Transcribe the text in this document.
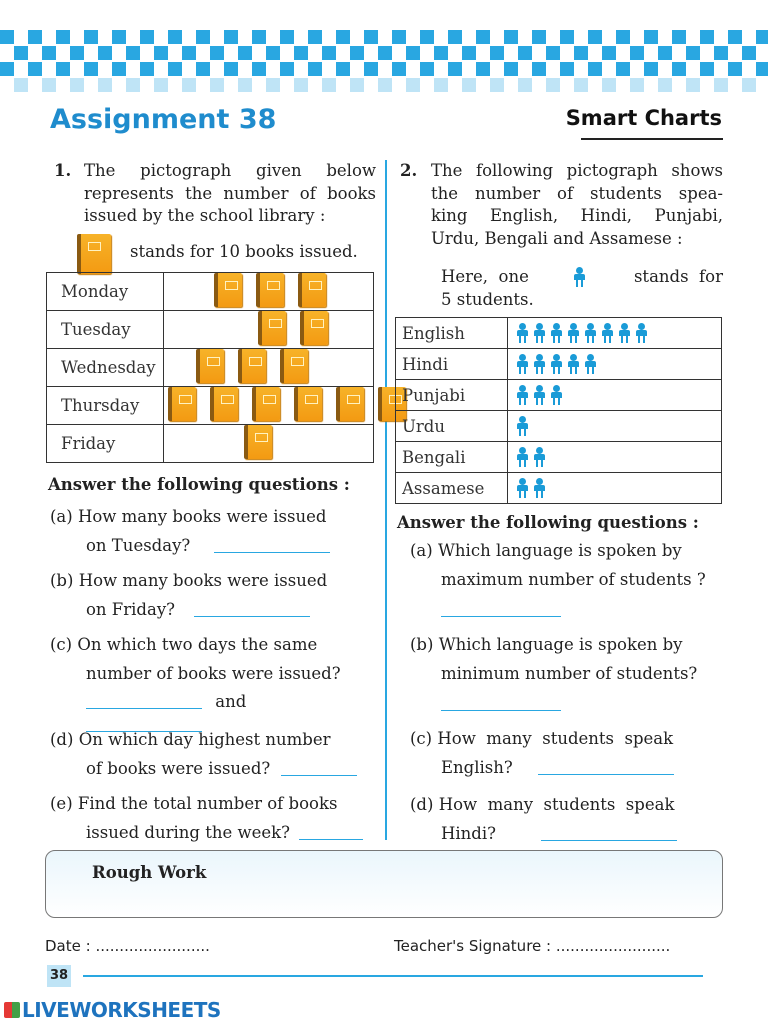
Assignment 38	Smart Charts
1. The pictograph given below
represents the number of books
issued by the school library :
stands for 10 books issued.
Monday	
Tuesday	
Wednesday	
Thursday	
Friday	
Answer the following questions :
(a) How many books were issued
on Tuesday?
(b) How many books were issued
on Friday?
(c) On which two days the same
number of books were issued?
and
(d) On which day highest number
of books were issued?
(e) Find the total number of books
issued during the week?
2. The following pictograph shows
the number of students spea-
king English, Hindi, Punjabi,
Urdu, Bengali and Assamese :
Here,  one	stands  for
5 students.
English	

Hindi	

Punjabi	

Urdu	

Bengali	

Assamese	
Answer the following questions :
(a) Which language is spoken by
maximum number of students ?
(b) Which language is spoken by
minimum number of students?
(c) How  many  students  speak
English?
(d) How  many  students  speak
Hindi?
Rough Work
Date : ........................	Teacher's Signature : ........................
38
LIVEWORKSHEETS
